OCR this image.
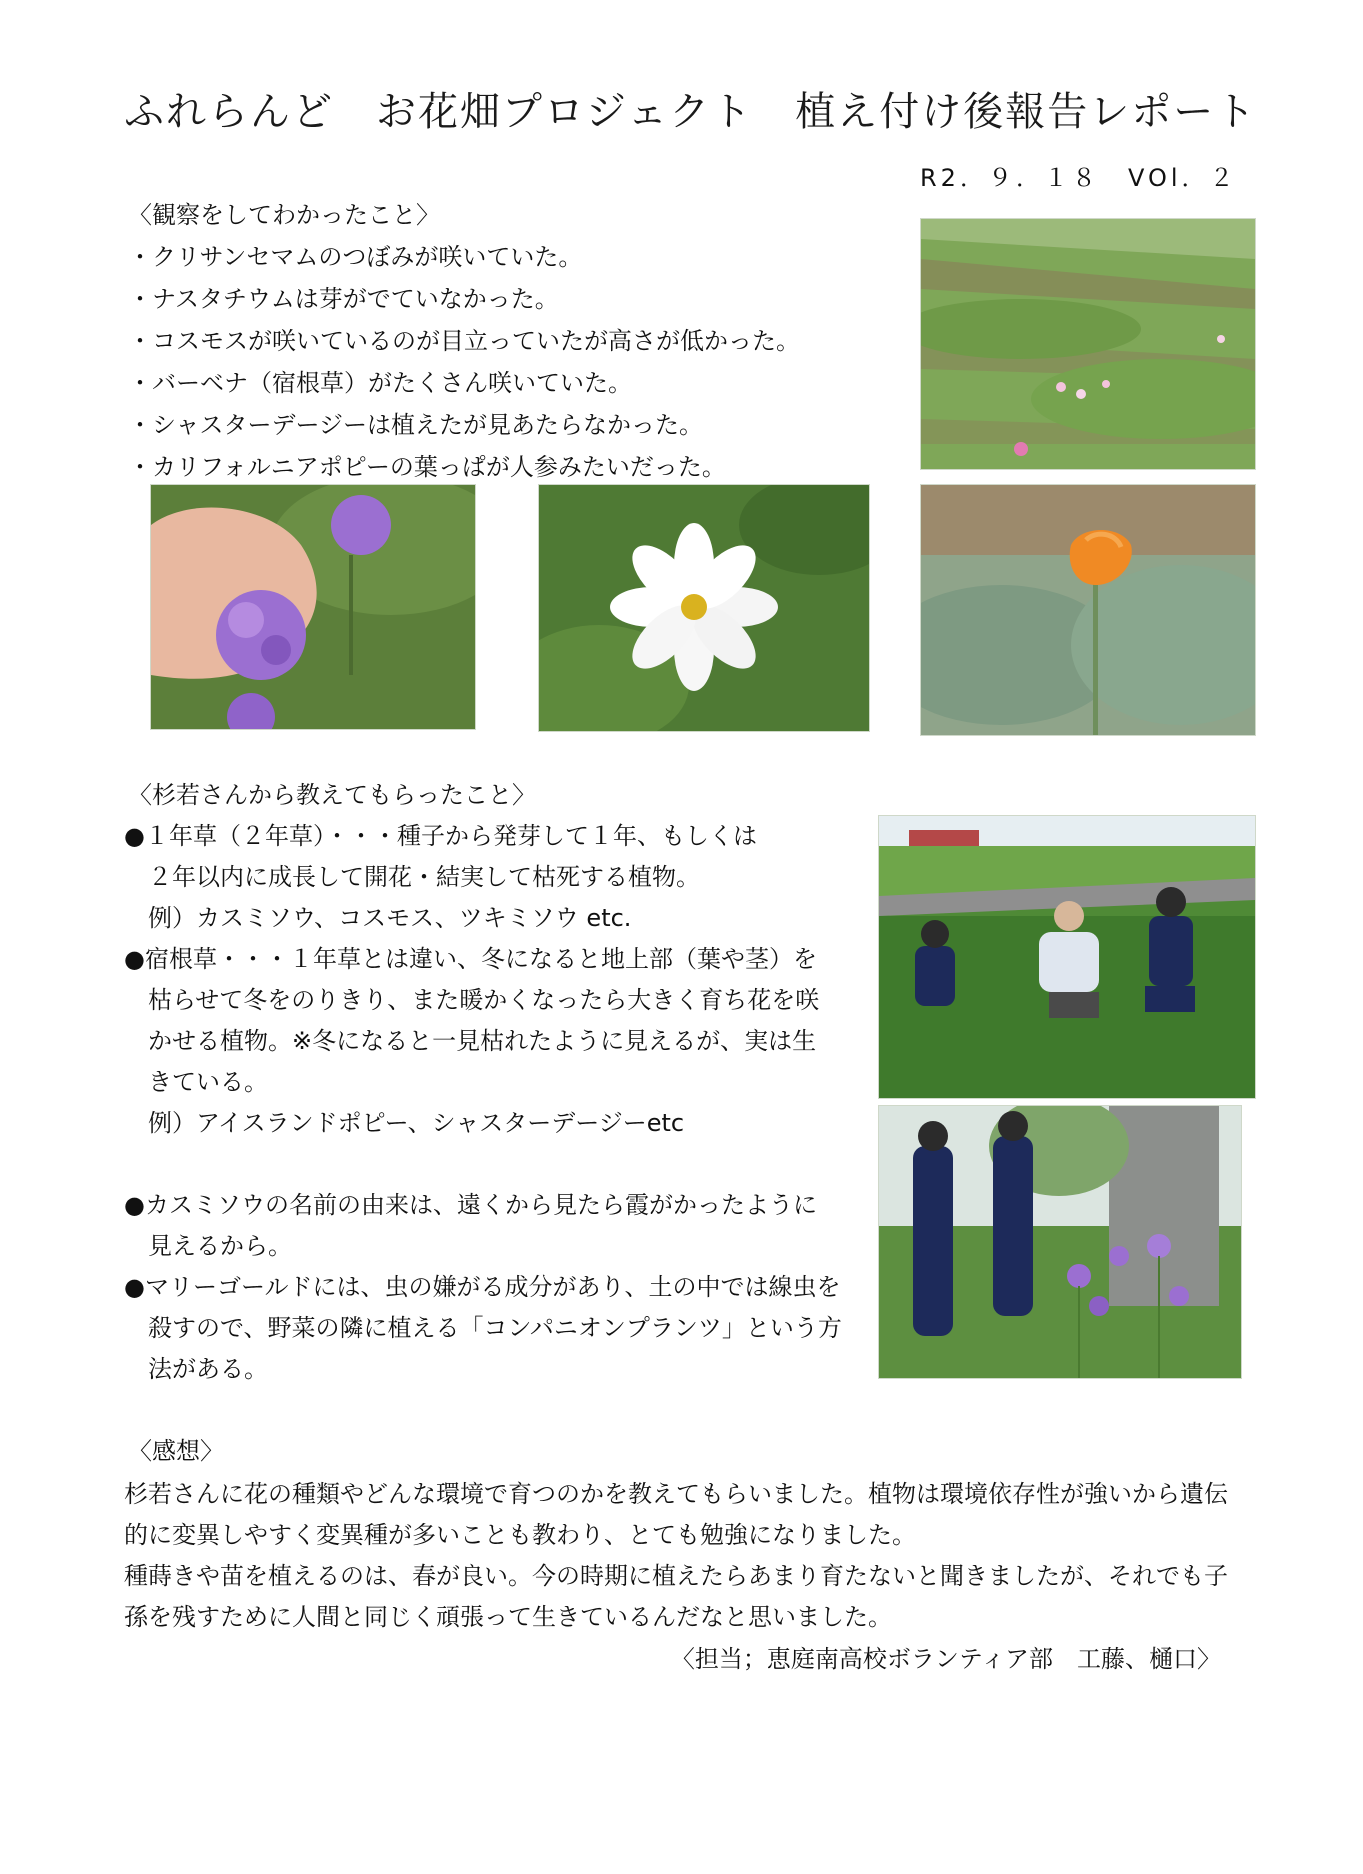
ふれらんど　お花畑プロジェクト　植え付け後報告レポート
R2．９．１８　VOl．２
〈観察をしてわかったこと〉
・クリサンセマムのつぼみが咲いていた。
・ナスタチウムは芽がでていなかった。
・コスモスが咲いているのが目立っていたが高さが低かった。
・バーベナ（宿根草）がたくさん咲いていた。
・シャスターデージーは植えたが見あたらなかった。
・カリフォルニアポピーの葉っぱが人参みたいだった。
〈杉若さんから教えてもらったこと〉
●１年草（２年草）・・・種子から発芽して１年、もしくは
　２年以内に成長して開花・結実して枯死する植物。
　例）カスミソウ、コスモス、ツキミソウ etc.
●宿根草・・・１年草とは違い、冬になると地上部（葉や茎）を
　枯らせて冬をのりきり、また暖かくなったら大きく育ち花を咲
　かせる植物。※冬になると一見枯れたように見えるが、実は生
　きている。
　例）アイスランドポピー、シャスターデージーetc
●カスミソウの名前の由来は、遠くから見たら霞がかったように
　見えるから。
●マリーゴールドには、虫の嫌がる成分があり、土の中では線虫を
　殺すので、野菜の隣に植える「コンパニオンプランツ」という方
　法がある。
〈感想〉
杉若さんに花の種類やどんな環境で育つのかを教えてもらいました。植物は環境依存性が強いから遺伝的に変異しやすく変異種が多いことも教わり、とても勉強になりました。
種蒔きや苗を植えるのは、春が良い。今の時期に植えたらあまり育たないと聞きましたが、それでも子孫を残すために人間と同じく頑張って生きているんだなと思いました。
〈担当；恵庭南高校ボランティア部　工藤、樋口〉
